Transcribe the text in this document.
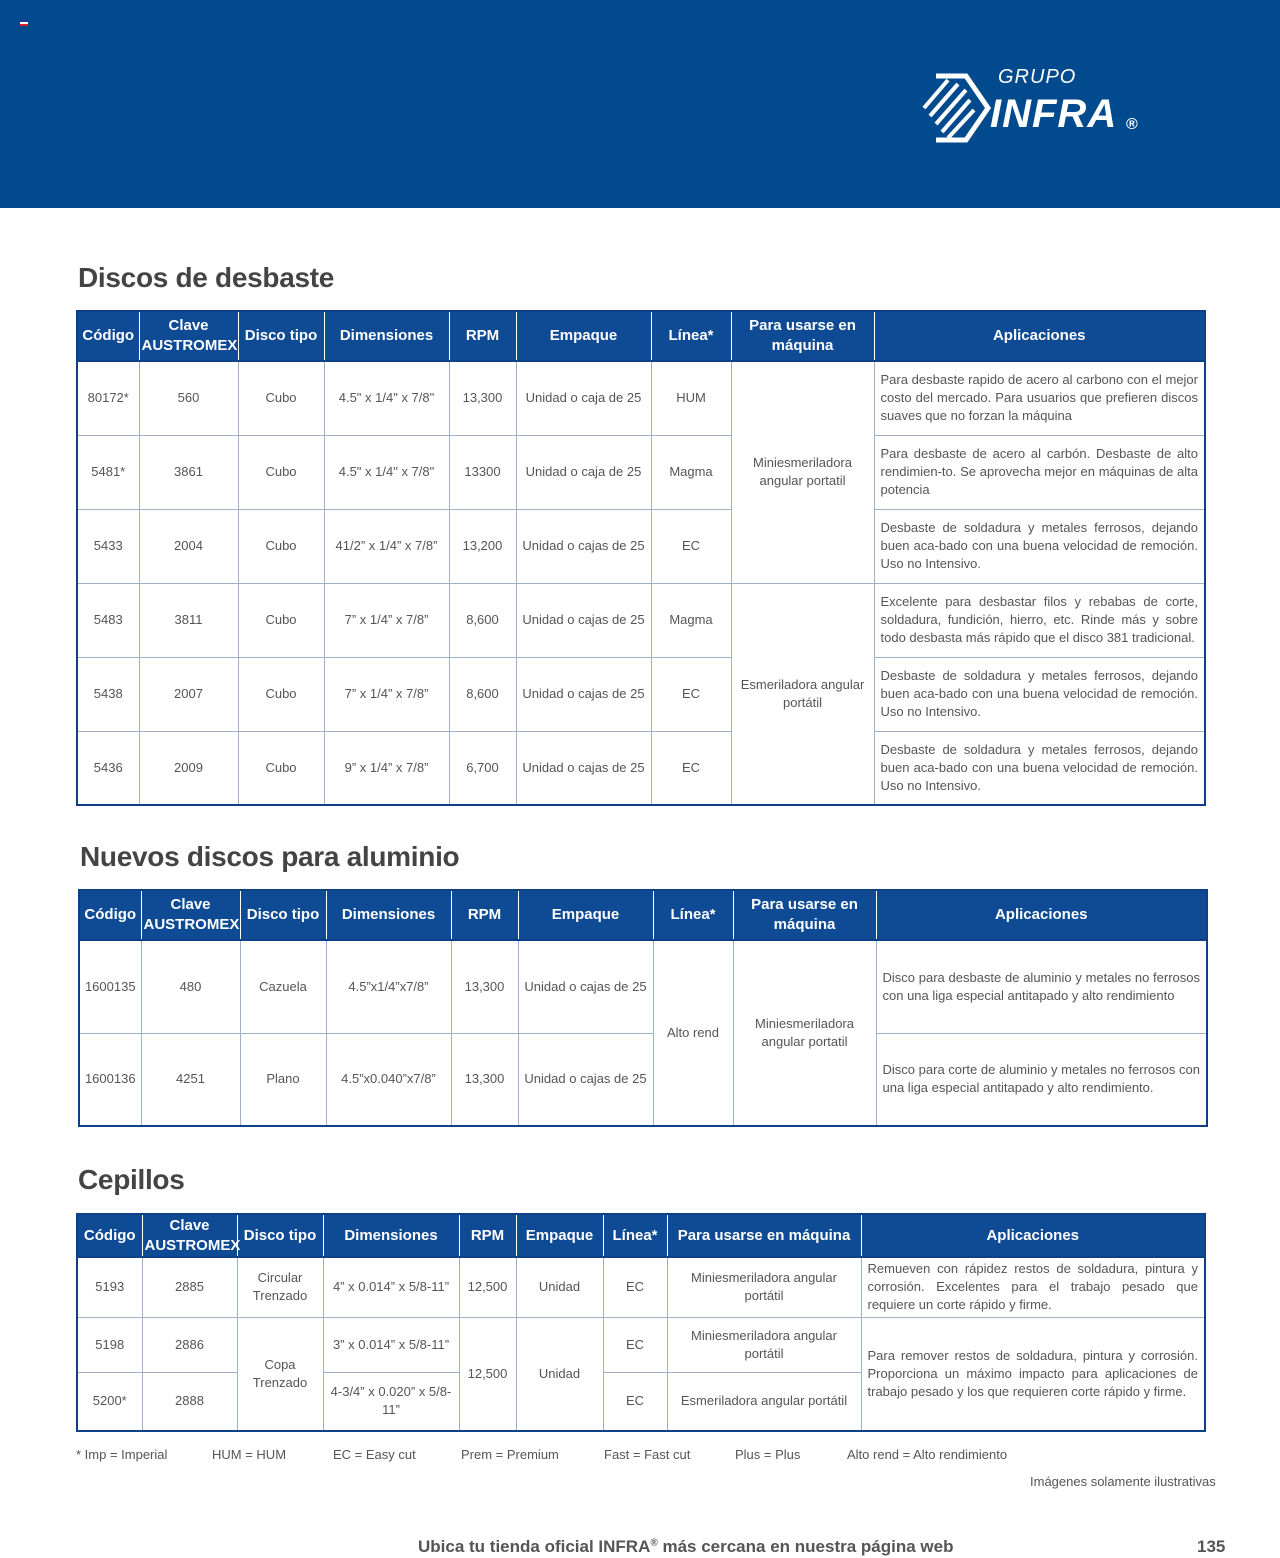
GRUPO
INFRA ®
Discos de desbaste
Código	Clave AUSTROMEX	Disco tipo	Dimensiones	RPM	Empaque	Línea*	Para usarse en máquina	Aplicaciones
80172*	560	Cubo	4.5" x 1/4" x 7/8"	13,300	Unidad o caja de 25	HUM	Miniesmeriladora angular portatil	Para desbaste rapido de acero al carbono con el mejor costo del mercado. Para usuarios que prefieren discos suaves que no forzan la máquina
5481*	3861	Cubo	4.5" x 1/4" x 7/8"	13300	Unidad o caja de 25	Magma		Para desbaste de acero al carbón. Desbaste de alto rendimien-to. Se aprovecha mejor en máquinas de alta potencia
5433	2004	Cubo	41/2” x 1/4” x 7/8”	13,200	Unidad o cajas de 25	EC		Desbaste de soldadura y metales ferrosos, dejando buen aca-bado con una buena velocidad de remoción. Uso no Intensivo.
5483	3811	Cubo	7” x 1/4” x 7/8”	8,600	Unidad o cajas de 25	Magma	Esmeriladora angular portátil	Excelente para desbastar filos y rebabas de corte, soldadura, fundición, hierro, etc. Rinde más y sobre todo desbasta más rápido que el disco 381 tradicional.
5438	2007	Cubo	7” x 1/4” x 7/8”	8,600	Unidad o cajas de 25	EC		Desbaste de soldadura y metales ferrosos, dejando buen aca-bado con una buena velocidad de remoción. Uso no Intensivo.
5436	2009	Cubo	9” x 1/4” x 7/8”	6,700	Unidad o cajas de 25	EC		Desbaste de soldadura y metales ferrosos, dejando buen aca-bado con una buena velocidad de remoción. Uso no Intensivo.
Nuevos discos para aluminio
Código	Clave AUSTROMEX	Disco tipo	Dimensiones	RPM	Empaque	Línea*	Para usarse en máquina	Aplicaciones
1600135	480	Cazuela	4.5”x1/4”x7/8”	13,300	Unidad o cajas de 25	Alto rend	Miniesmeriladora angular portatil	Disco para desbaste de aluminio y metales no ferrosos con una liga especial antitapado y alto rendimiento
1600136	4251	Plano	4.5”x0.040”x7/8”	13,300	Unidad o cajas de 25			Disco para corte de aluminio y metales no ferrosos con una liga especial antitapado y alto rendimiento.
Cepillos
Código	Clave AUSTROMEX	Disco tipo	Dimensiones	RPM	Empaque	Línea*	Para usarse en máquina	Aplicaciones
5193	2885	Circular Trenzado	4” x 0.014” x 5/8-11”	12,500	Unidad	EC	Miniesmeriladora angular portátil	Remueven con rápidez restos de soldadura, pintura y corrosión. Excelentes para el trabajo pesado que requiere un corte rápido y firme.
5198	2886	Copa Trenzado	3” x 0.014” x 5/8-11”	12,500	Unidad	EC	Miniesmeriladora angular portátil	Para remover restos de soldadura, pintura y corrosión. Proporciona un máximo impacto para aplicaciones de trabajo pesado y los que requieren corte rápido y firme.
5200*	2888		4-3/4” x 0.020” x 5/8-11”			EC	Esmeriladora angular portátil	
* Imp = Imperial	HUM = HUM	EC = Easy cut	Prem = Premium	Fast = Fast cut	Plus = Plus	Alto rend = Alto rendimiento
Imágenes solamente ilustrativas
Ubica tu tienda oficial INFRA® más cercana en nuestra página web	135
